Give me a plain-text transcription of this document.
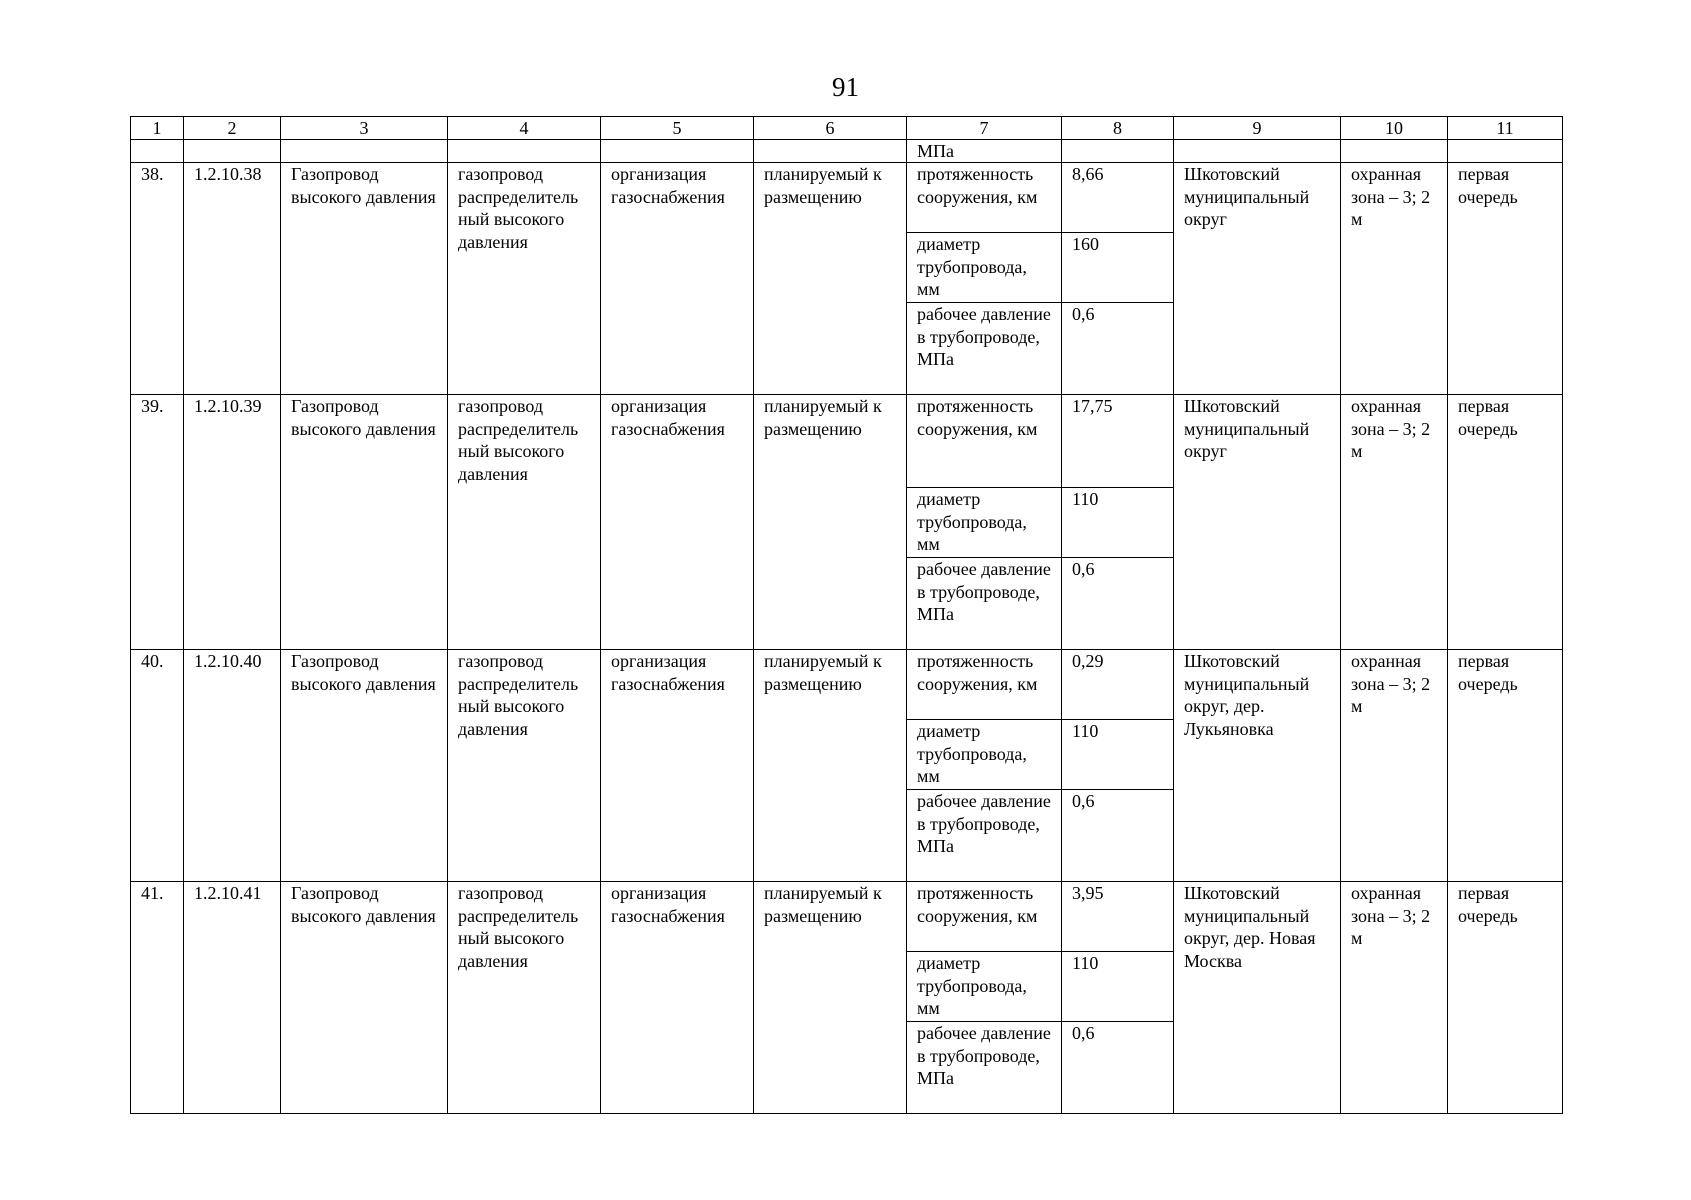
91
1	2	3	4	5	6	7	8	9	10	11
						МПа				
38.	1.2.10.38	Газопровод высокого давления	газопровод распределитель ный высокого давления	организация газоснабжения	планируемый к размещению	протяженность сооружения, км	8,66	Шкотовский муниципальный округ	охранная зона – 3; 2 м	первая очередь
						диаметр трубопровода, мм	160			
						рабочее давление в трубопроводе, МПа	0,6			
39.	1.2.10.39	Газопровод высокого давления	газопровод распределитель ный высокого давления	организация газоснабжения	планируемый к размещению	протяженность сооружения, км	17,75	Шкотовский муниципальный округ	охранная зона – 3; 2 м	первая очередь
						диаметр трубопровода, мм	110			
						рабочее давление в трубопроводе, МПа	0,6			
40.	1.2.10.40	Газопровод высокого давления	газопровод распределитель ный высокого давления	организация газоснабжения	планируемый к размещению	протяженность сооружения, км	0,29	Шкотовский муниципальный округ, дер. Лукьяновка	охранная зона – 3; 2 м	первая очередь
						диаметр трубопровода, мм	110			
						рабочее давление в трубопроводе, МПа	0,6			
41.	1.2.10.41	Газопровод высокого давления	газопровод распределитель ный высокого давления	организация газоснабжения	планируемый к размещению	протяженность сооружения, км	3,95	Шкотовский муниципальный округ, дер. Новая Москва	охранная зона – 3; 2 м	первая очередь
						диаметр трубопровода, мм	110			
						рабочее давление в трубопроводе, МПа	0,6			
